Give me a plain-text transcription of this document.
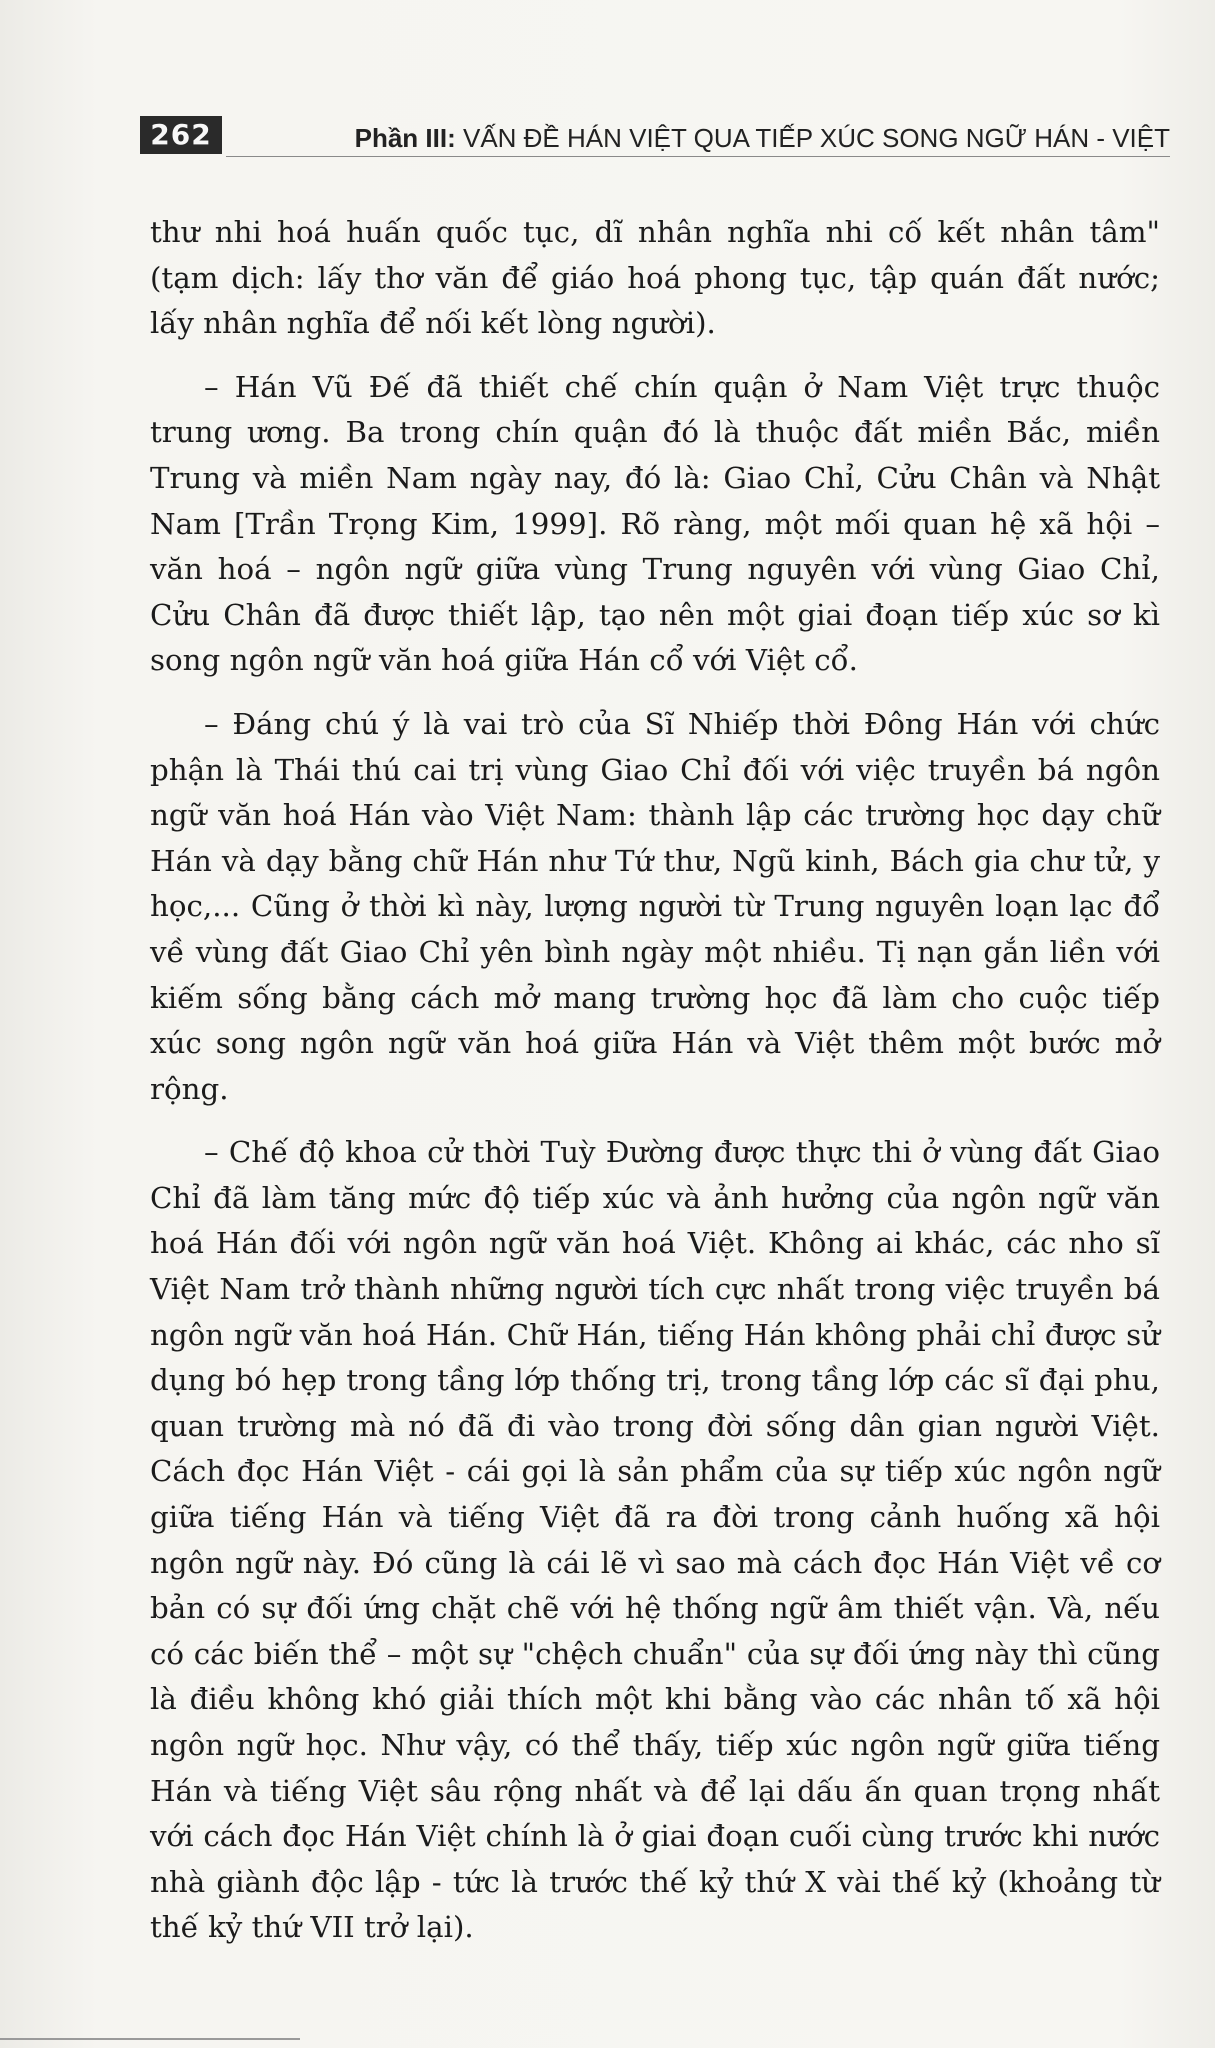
262	Phần III: VẤN ĐỀ HÁN VIỆT QUA TIẾP XÚC SONG NGỮ HÁN - VIỆT

thư nhi hoá huấn quốc tục, dĩ nhân nghĩa nhi cố kết nhân tâm" (tạm dịch: lấy thơ văn để giáo hoá phong tục, tập quán đất nước; lấy nhân nghĩa để nối kết lòng người).

– Hán Vũ Đế đã thiết chế chín quận ở Nam Việt trực thuộc trung ương. Ba trong chín quận đó là thuộc đất miền Bắc, miền Trung và miền Nam ngày nay, đó là: Giao Chỉ, Cửu Chân và Nhật Nam [Trần Trọng Kim, 1999]. Rõ ràng, một mối quan hệ xã hội – văn hoá – ngôn ngữ giữa vùng Trung nguyên với vùng Giao Chỉ, Cửu Chân đã được thiết lập, tạo nên một giai đoạn tiếp xúc sơ kì song ngôn ngữ văn hoá giữa Hán cổ với Việt cổ.

– Đáng chú ý là vai trò của Sĩ Nhiếp thời Đông Hán với chức phận là Thái thú cai trị vùng Giao Chỉ đối với việc truyền bá ngôn ngữ văn hoá Hán vào Việt Nam: thành lập các trường học dạy chữ Hán và dạy bằng chữ Hán như Tứ thư, Ngũ kinh, Bách gia chư tử, y học,... Cũng ở thời kì này, lượng người từ Trung nguyên loạn lạc đổ về vùng đất Giao Chỉ yên bình ngày một nhiều. Tị nạn gắn liền với kiếm sống bằng cách mở mang trường học đã làm cho cuộc tiếp xúc song ngôn ngữ văn hoá giữa Hán và Việt thêm một bước mở rộng.

– Chế độ khoa cử thời Tuỳ Đường được thực thi ở vùng đất Giao Chỉ đã làm tăng mức độ tiếp xúc và ảnh hưởng của ngôn ngữ văn hoá Hán đối với ngôn ngữ văn hoá Việt. Không ai khác, các nho sĩ Việt Nam trở thành những người tích cực nhất trong việc truyền bá ngôn ngữ văn hoá Hán. Chữ Hán, tiếng Hán không phải chỉ được sử dụng bó hẹp trong tầng lớp thống trị, trong tầng lớp các sĩ đại phu, quan trường mà nó đã đi vào trong đời sống dân gian người Việt. Cách đọc Hán Việt - cái gọi là sản phẩm của sự tiếp xúc ngôn ngữ giữa tiếng Hán và tiếng Việt đã ra đời trong cảnh huống xã hội ngôn ngữ này. Đó cũng là cái lẽ vì sao mà cách đọc Hán Việt về cơ bản có sự đối ứng chặt chẽ với hệ thống ngữ âm thiết vận. Và, nếu có các biến thể – một sự "chệch chuẩn" của sự đối ứng này thì cũng là điều không khó giải thích một khi bằng vào các nhân tố xã hội ngôn ngữ học. Như vậy, có thể thấy, tiếp xúc ngôn ngữ giữa tiếng Hán và tiếng Việt sâu rộng nhất và để lại dấu ấn quan trọng nhất với cách đọc Hán Việt chính là ở giai đoạn cuối cùng trước khi nước nhà giành độc lập - tức là trước thế kỷ thứ X vài thế kỷ (khoảng từ thế kỷ thứ VII trở lại).
